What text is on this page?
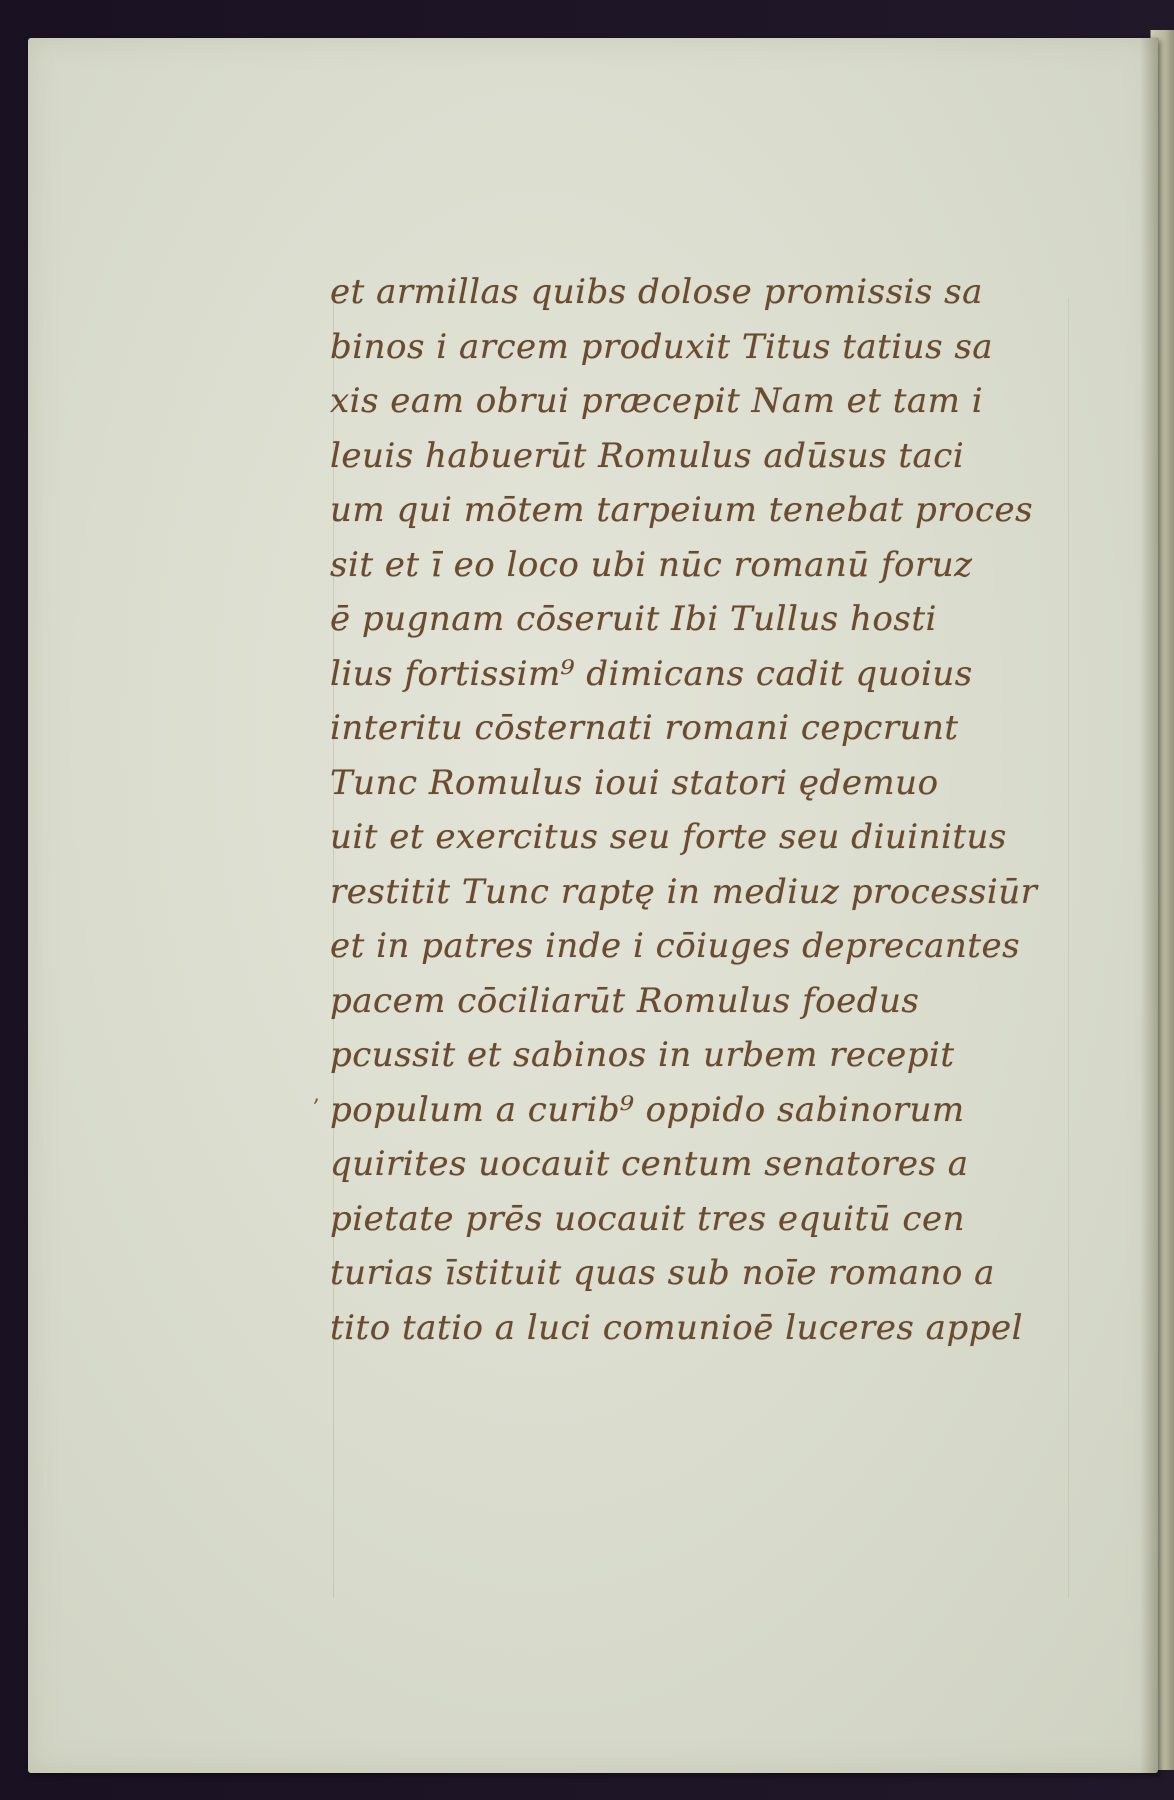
et armillas quibs dolose promissis sa
binos i arcem produxit Titus tatius sa
xis eam obrui præcepit Nam et tam i
leuis habuerūt Romulus adūsus taci
um qui mōtem tarpeium tenebat proces
sit et ī eo loco ubi nūc romanū foruz
ē pugnam cōseruit Ibi Tullus hosti
lius fortissim⁹ dimicans cadit quoius
interitu cōsternati romani cepcrunt
Tunc Romulus ioui statori ędemuo
uit et exercitus seu forte seu diuinitus
restitit Tunc raptę in mediuz processiūr
et in patres inde i cōiuges deprecantes
pacem cōciliarūt Romulus foedus
pcussit et sabinos in urbem recepit
populum a curib⁹ oppido sabinorum
quirites uocauit centum senatores a
pietate prēs uocauit tres equitū cen
turias īstituit quas sub noīe romano a
tito tatio a luci comunioē luceres appel
,
